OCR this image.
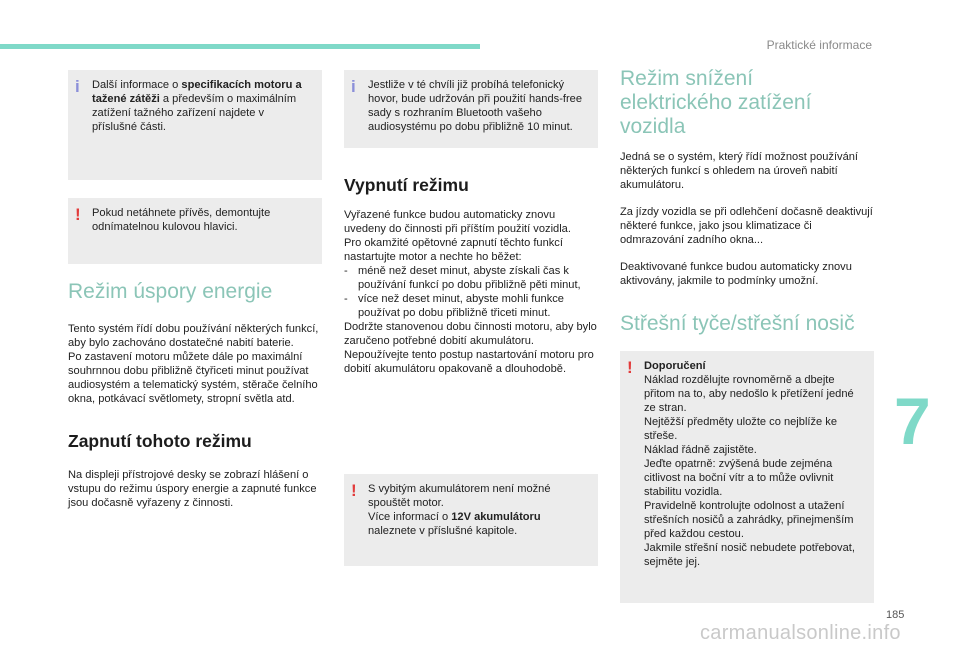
Praktické informace
i Další informace o specifikacích motoru a tažené zátěži a především o maximálním zatížení tažného zařízení najdete v příslušné části.

! Pokud netáhnete přívěs, demontujte odnímatelnou kulovou hlavici.

Režim úspory energie

Tento systém řídí dobu používání některých funkcí, aby bylo zachováno dostatečné nabití baterie.

Po zastavení motoru můžete dále po maximální souhrnnou dobu přibližně čtyřiceti minut používat audiosystém a telematický systém, stěrače čelního okna, potkávací světlomety, stropní světla atd.

Zapnutí tohoto režimu

Na displeji přístrojové desky se zobrazí hlášení o vstupu do režimu úspory energie a zapnuté funkce jsou dočasně vyřazeny z činnosti.

i Jestliže v té chvíli již probíhá telefonický hovor, bude udržován při použití hands-free sady s rozhraním Bluetooth vašeho audiosystému po dobu přibližně 10 minut.

Vypnutí režimu

Vyřazené funkce budou automaticky znovu uvedeny do činnosti při příštím použití vozidla.

Pro okamžité opětovné zapnutí těchto funkcí nastartujte motor a nechte ho běžet:

- méně než deset minut, abyste získali čas k používání funkcí po dobu přibližně pěti minut,

- více než deset minut, abyste mohli funkce používat po dobu přibližně třiceti minut.

Dodržte stanovenou dobu činnosti motoru, aby bylo zaručeno potřebné dobití akumulátoru.

Nepoužívejte tento postup nastartování motoru pro dobití akumulátoru opakovaně a dlouhodobě.

! S vybitým akumulátorem není možné spouštět motor.

Více informací o 12V akumulátoru naleznete v příslušné kapitole.

Režim snížení
elektrického zatížení
vozidla

Jedná se o systém, který řídí možnost používání některých funkcí s ohledem na úroveň nabití akumulátoru.

Za jízdy vozidla se při odlehčení dočasně deaktivují některé funkce, jako jsou klimatizace či odmrazování zadního okna...

Deaktivované funkce budou automaticky znovu aktivovány, jakmile to podmínky umožní.

Střešní tyče/střešní nosič
! Doporučení

Náklad rozdělujte rovnoměrně a dbejte přitom na to, aby nedošlo k přetížení jedné ze stran.

Nejtěžší předměty uložte co nejblíže ke střeše.

Náklad řádně zajistěte.

Jeďte opatrně: zvýšená bude zejména citlivost na boční vítr a to může ovlivnit stabilitu vozidla.

Pravidelně kontrolujte odolnost a utažení střešních nosičů a zahrádky, přinejmenším před každou cestou.

Jakmile střešní nosič nebudete potřebovat, sejměte jej.

7
185
carmanualsonline.info
